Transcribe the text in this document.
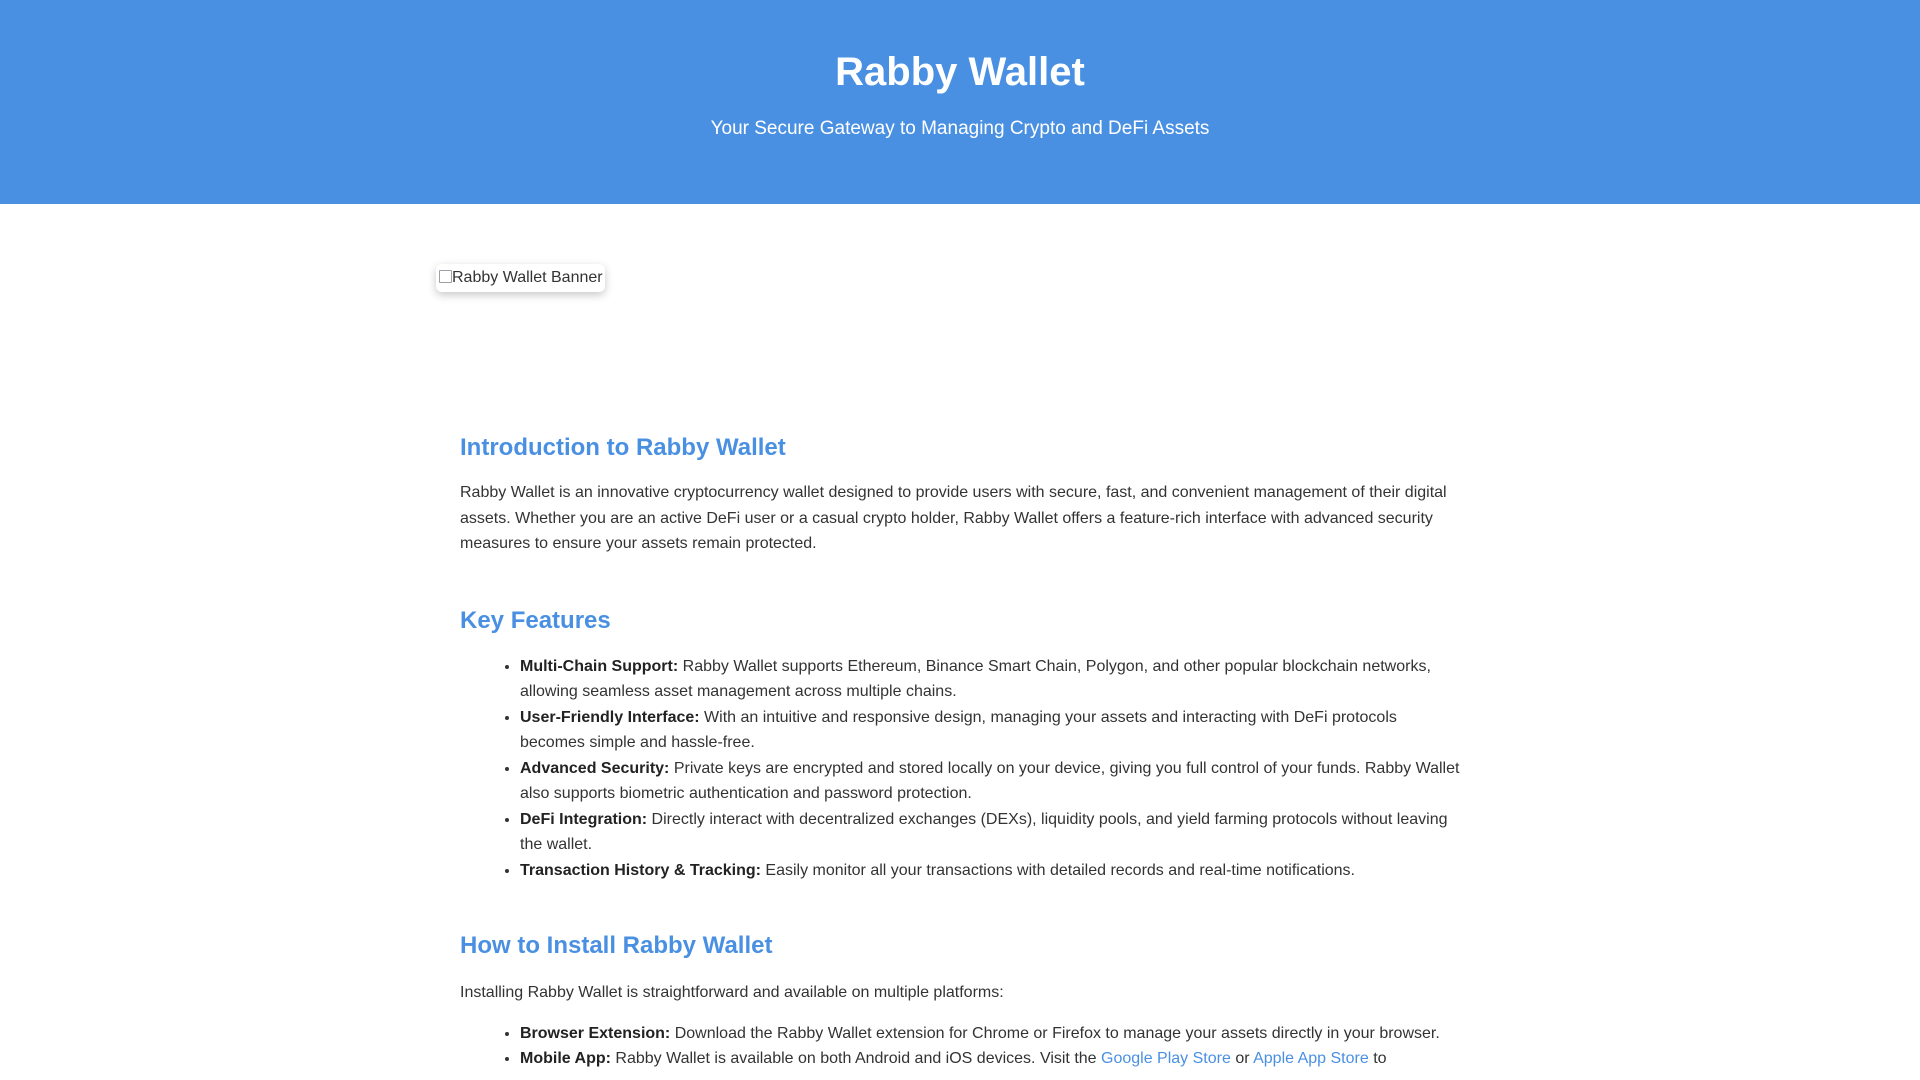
Rabby Wallet

Your Secure Gateway to Managing Crypto and DeFi Assets

Rabby Wallet Banner
Introduction to Rabby Wallet

Rabby Wallet is an innovative cryptocurrency wallet designed to provide users with secure, fast, and convenient management of their digital assets. Whether you are an active DeFi user or a casual crypto holder, Rabby Wallet offers a feature-rich interface with advanced security measures to ensure your assets remain protected.

Key Features
• Multi-Chain Support: Rabby Wallet supports Ethereum, Binance Smart Chain, Polygon, and other popular blockchain networks, allowing seamless asset management across multiple chains.
• User-Friendly Interface: With an intuitive and responsive design, managing your assets and interacting with DeFi protocols becomes simple and hassle-free.
• Advanced Security: Private keys are encrypted and stored locally on your device, giving you full control of your funds. Rabby Wallet also supports biometric authentication and password protection.
• DeFi Integration: Directly interact with decentralized exchanges (DEXs), liquidity pools, and yield farming protocols without leaving the wallet.
• Transaction History & Tracking: Easily monitor all your transactions with detailed records and real-time notifications.
How to Install Rabby Wallet

Installing Rabby Wallet is straightforward and available on multiple platforms:

• Browser Extension: Download the Rabby Wallet extension for Chrome or Firefox to manage your assets directly in your browser.
• Mobile App: Rabby Wallet is available on both Android and iOS devices. Visit the Google Play Store or Apple App Store to
